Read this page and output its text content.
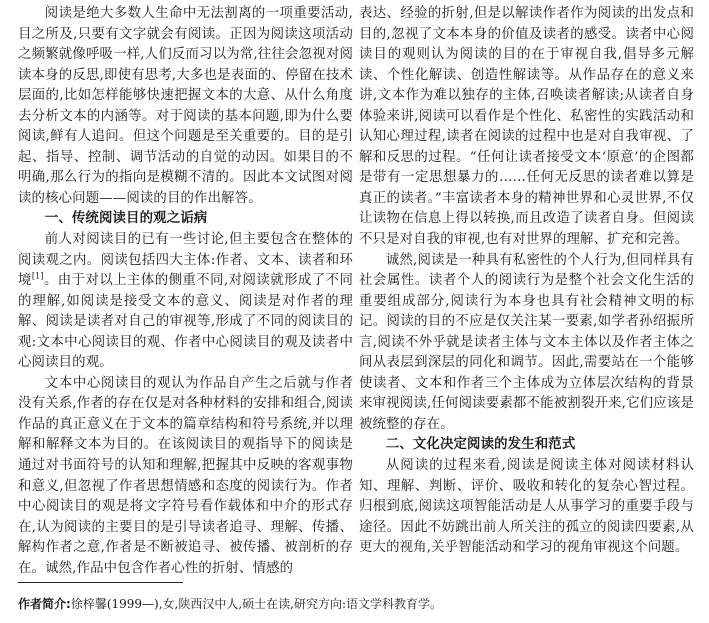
阅读是绝大多数人生命中无法割离的一项重要活动,目之所及,只要有文字就会有阅读。正因为阅读这项活动之频繁就像呼吸一样,人们反而习以为常,往往会忽视对阅读本身的反思,即使有思考,大多也是表面的、停留在技术层面的,比如怎样能够快速把握文本的大意、从什么角度去分析文本的内涵等。对于阅读的基本问题,即为什么要阅读,鲜有人追问。但这个问题是至关重要的。目的是引起、指导、控制、调节活动的自觉的动因。如果目的不明确,那么行为的指向是模糊不清的。因此本文试图对阅读的核心问题——阅读的目的作出解答。

一、传统阅读目的观之诟病

前人对阅读目的已有一些讨论,但主要包含在整体的阅读观之内。阅读包括四大主体:作者、文本、读者和环境[1]。由于对以上主体的侧重不同,对阅读就形成了不同的理解,如阅读是接受文本的意义、阅读是对作者的理解、阅读是读者对自己的审视等,形成了不同的阅读目的观:文本中心阅读目的观、作者中心阅读目的观及读者中心阅读目的观。

文本中心阅读目的观认为作品自产生之后就与作者没有关系,作者的存在仅是对各种材料的安排和组合,阅读作品的真正意义在于文本的篇章结构和符号系统,并以理解和解释文本为目的。在该阅读目的观指导下的阅读是通过对书面符号的认知和理解,把握其中反映的客观事物和意义,但忽视了作者思想情感和态度的阅读行为。作者中心阅读目的观是将文字符号看作载体和中介的形式存在,认为阅读的主要目的是引导读者追寻、理解、传播、解构作者之意,作者是不断被追寻、被传播、被剖析的存在。诚然,作品中包含作者心性的折射、情感的

表达、经验的折射,但是以解读作者作为阅读的出发点和目的,忽视了文本本身的价值及读者的感受。读者中心阅读目的观则认为阅读的目的在于审视自我,倡导多元解读、个性化解读、创造性解读等。从作品存在的意义来讲,文本作为难以独存的主体,召唤读者解读;从读者自身体验来讲,阅读可以看作是个性化、私密性的实践活动和认知心理过程,读者在阅读的过程中也是对自我审视、了解和反思的过程。“任何让读者接受文本‘原意’的企图都是带有一定思想暴力的……任何无反思的读者难以算是真正的读者。”丰富读者本身的精神世界和心灵世界,不仅让读物在信息上得以转换,而且改造了读者自身。但阅读不只是对自我的审视,也有对世界的理解、扩充和完善。

诚然,阅读是一种具有私密性的个人行为,但同样具有社会属性。读者个人的阅读行为是整个社会文化生活的重要组成部分,阅读行为本身也具有社会精神文明的标记。阅读的目的不应是仅关注某一要素,如学者孙绍振所言,阅读不外乎就是读者主体与文本主体以及作者主体之间从表层到深层的同化和调节。因此,需要站在一个能够使读者、文本和作者三个主体成为立体层次结构的背景来审视阅读,任何阅读要素都不能被割裂开来,它们应该是被统整的存在。

二、文化决定阅读的发生和范式

从阅读的过程来看,阅读是阅读主体对阅读材料认知、理解、判断、评价、吸收和转化的复杂心智过程。归根到底,阅读这项智能活动是人从事学习的重要手段与途径。因此不妨跳出前人所关注的孤立的阅读四要素,从更大的视角,关乎智能活动和学习的视角审视这个问题。

作者简介:徐梓馨(1999—),女,陕西汉中人,硕士在读,研究方向:语文学科教育学。
